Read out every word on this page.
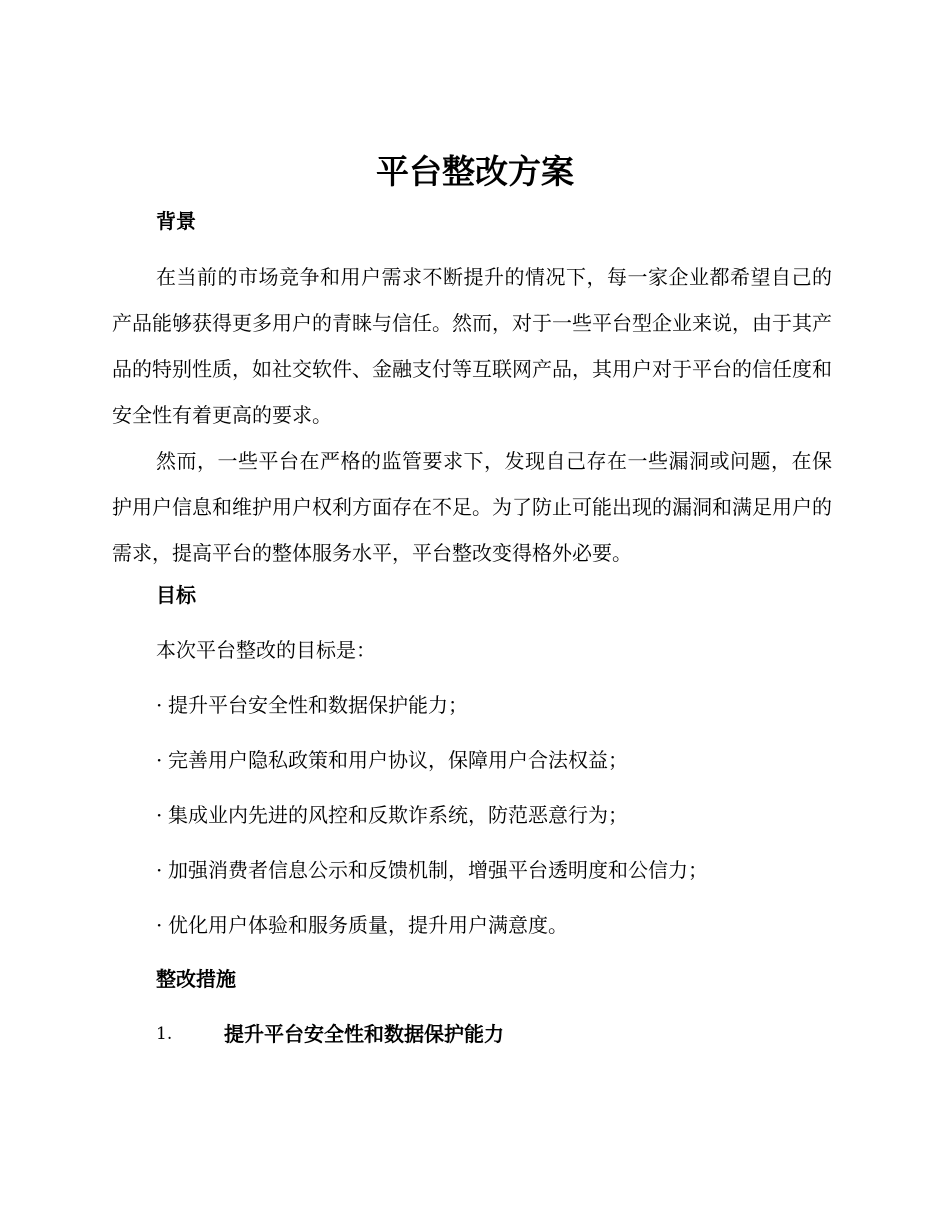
平台整改方案
背景

在当前的市场竞争和用户需求不断提升的情况下，每一家企业都希望自己的产品能够获得更多用户的青睐与信任。然而，对于一些平台型企业来说，由于其产品的特别性质，如社交软件、金融支付等互联网产品，其用户对于平台的信任度和安全性有着更高的要求。

然而，一些平台在严格的监管要求下，发现自己存在一些漏洞或问题，在保护用户信息和维护用户权利方面存在不足。为了防止可能出现的漏洞和满足用户的需求，提高平台的整体服务水平，平台整改变得格外必要。

目标

本次平台整改的目标是：

· 提升平台安全性和数据保护能力；

· 完善用户隐私政策和用户协议，保障用户合法权益；

· 集成业内先进的风控和反欺诈系统，防范恶意行为；

· 加强消费者信息公示和反馈机制，增强平台透明度和公信力；

· 优化用户体验和服务质量，提升用户满意度。

整改措施
1.	提升平台安全性和数据保护能力
